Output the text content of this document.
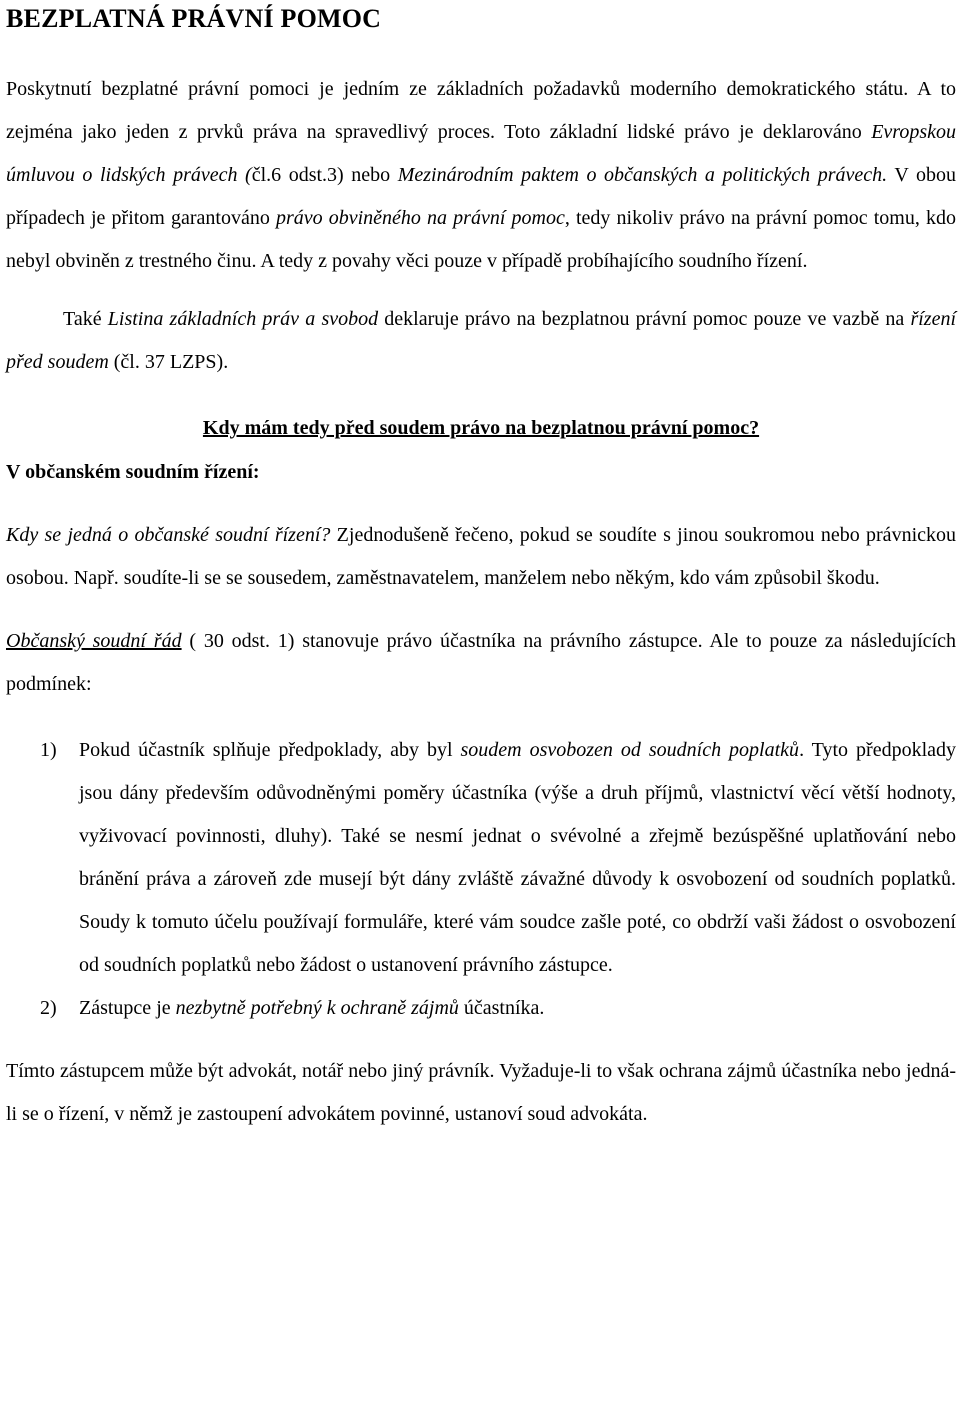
BEZPLATNÁ PRÁVNÍ POMOC

Poskytnutí bezplatné právní pomoci je jedním ze základních požadavků moderního demokratického státu. A to zejména jako jeden z prvků práva na spravedlivý proces. Toto základní lidské právo je deklarováno Evropskou úmluvou o lidských právech (čl.6 odst.3) nebo Mezinárodním paktem o občanských a politických právech. V obou případech je přitom garantováno právo obviněného na právní pomoc, tedy nikoliv právo na právní pomoc tomu, kdo nebyl obviněn z trestného činu. A tedy z povahy věci pouze v případě probíhajícího soudního řízení.

Také Listina základních práv a svobod deklaruje právo na bezplatnou právní pomoc pouze ve vazbě na řízení před soudem (čl. 37 LZPS).

Kdy mám tedy před soudem právo na bezplatnou právní pomoc?
V občanském soudním řízení:

Kdy se jedná o občanské soudní řízení? Zjednodušeně řečeno, pokud se soudíte s jinou soukromou nebo právnickou osobou. Např. soudíte-li se se sousedem, zaměstnavatelem, manželem nebo někým, kdo vám způsobil škodu.

Občanský soudní řád ( 30 odst. 1) stanovuje právo účastníka na právního zástupce. Ale to pouze za následujících podmínek:

1) Pokud účastník splňuje předpoklady, aby byl soudem osvobozen od soudních poplatků. Tyto předpoklady jsou dány především odůvodněnými poměry účastníka (výše a druh příjmů, vlastnictví věcí větší hodnoty, vyživovací povinnosti, dluhy). Také se nesmí jednat o svévolné a zřejmě bezúspěšné uplatňování nebo bránění práva a zároveň zde musejí být dány zvláště závažné důvody k osvobození od soudních poplatků. Soudy k tomuto účelu používají formuláře, které vám soudce zašle poté, co obdrží vaši žádost o osvobození od soudních poplatků nebo žádost o ustanovení právního zástupce.
2) Zástupce je nezbytně potřebný k ochraně zájmů účastníka.

Tímto zástupcem může být advokát, notář nebo jiný právník. Vyžaduje-li to však ochrana zájmů účastníka nebo jedná-li se o řízení, v němž je zastoupení advokátem povinné, ustanoví soud advokáta.
